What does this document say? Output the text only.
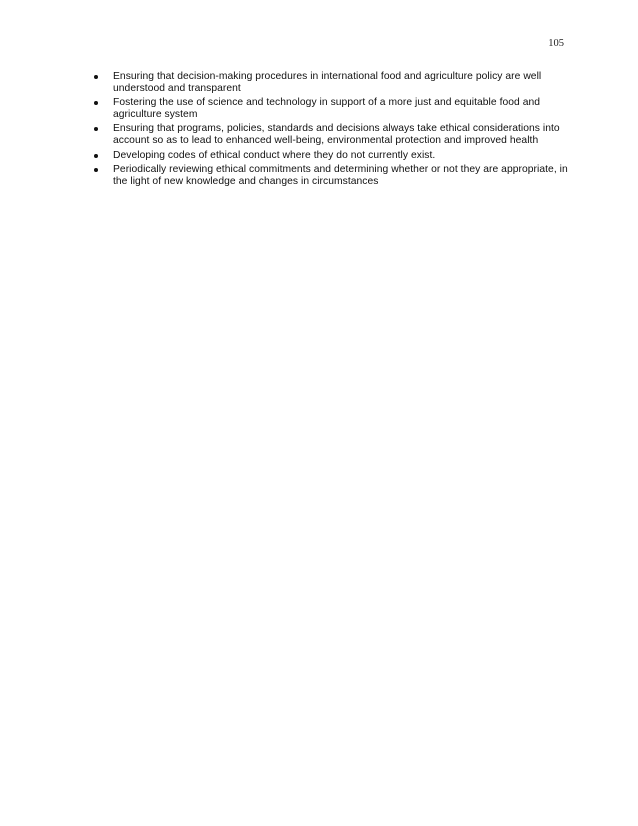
105
Ensuring that decision-making procedures in international food and agriculture policy are well understood and transparent
Fostering the use of science and technology in support of a more just and equitable food and agriculture system
Ensuring that programs, policies, standards and decisions always take ethical considerations into account so as to lead to enhanced well-being, environmental protection and improved health
Developing codes of ethical conduct where they do not currently exist.
Periodically reviewing ethical commitments and determining whether or not they are appropriate, in the light of new knowledge and changes in circumstances
